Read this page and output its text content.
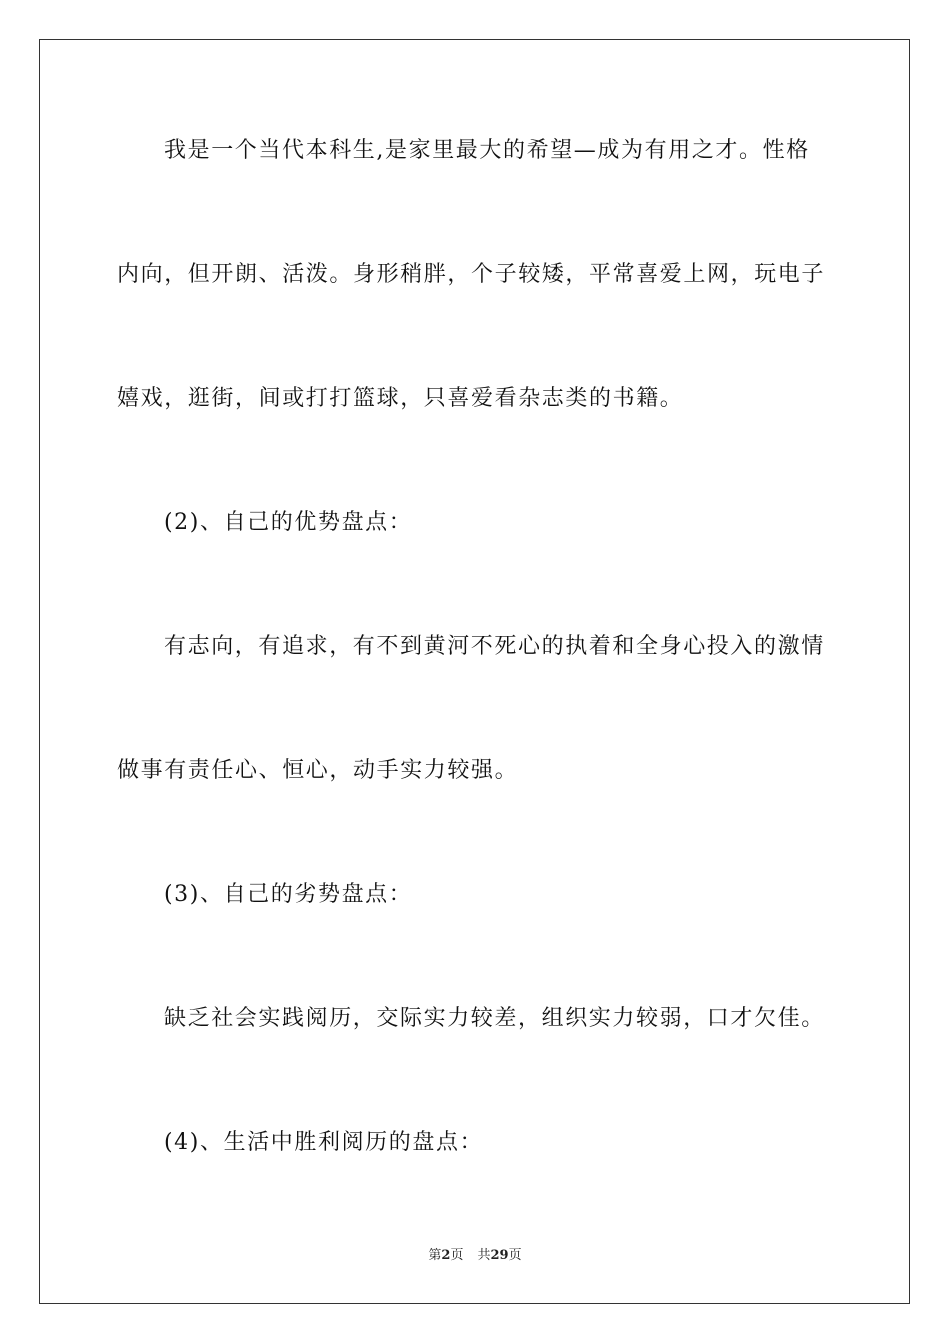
我是一个当代本科生,是家里最大的希望—成为有用之才。性格
内向，但开朗、活泼。身形稍胖，个子较矮，平常喜爱上网，玩电子
嬉戏，逛街，间或打打篮球，只喜爱看杂志类的书籍。
(2)、自己的优势盘点：
有志向，有追求，有不到黄河不死心的执着和全身心投入的激情
做事有责任心、恒心，动手实力较强。
(3)、自己的劣势盘点：
缺乏社会实践阅历，交际实力较差，组织实力较弱，口才欠佳。
(4)、生活中胜利阅历的盘点：
第2页 共29页
